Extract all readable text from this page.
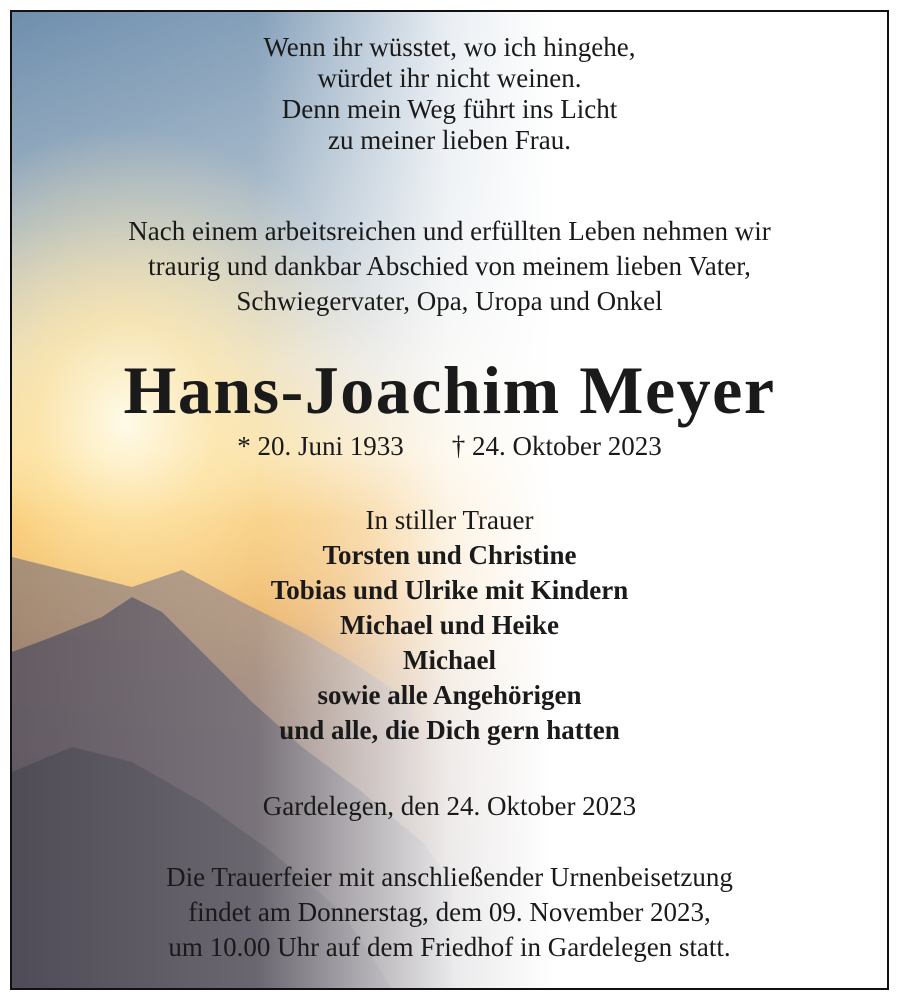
Wenn ihr wüsstet, wo ich hingehe,
würdet ihr nicht weinen.
Denn mein Weg führt ins Licht
zu meiner lieben Frau.
Nach einem arbeitsreichen und erfüllten Leben nehmen wir
traurig und dankbar Abschied von meinem lieben Vater,
Schwiegervater, Opa, Uropa und Onkel
Hans-Joachim Meyer
* 20. Juni 1933 † 24. Oktober 2023
In stiller Trauer
Torsten und Christine
Tobias und Ulrike mit Kindern
Michael und Heike
Michael
sowie alle Angehörigen
und alle, die Dich gern hatten
Gardelegen, den 24. Oktober 2023
Die Trauerfeier mit anschließender Urnenbeisetzung
findet am Donnerstag, dem 09. November 2023,
um 10.00 Uhr auf dem Friedhof in Gardelegen statt.
